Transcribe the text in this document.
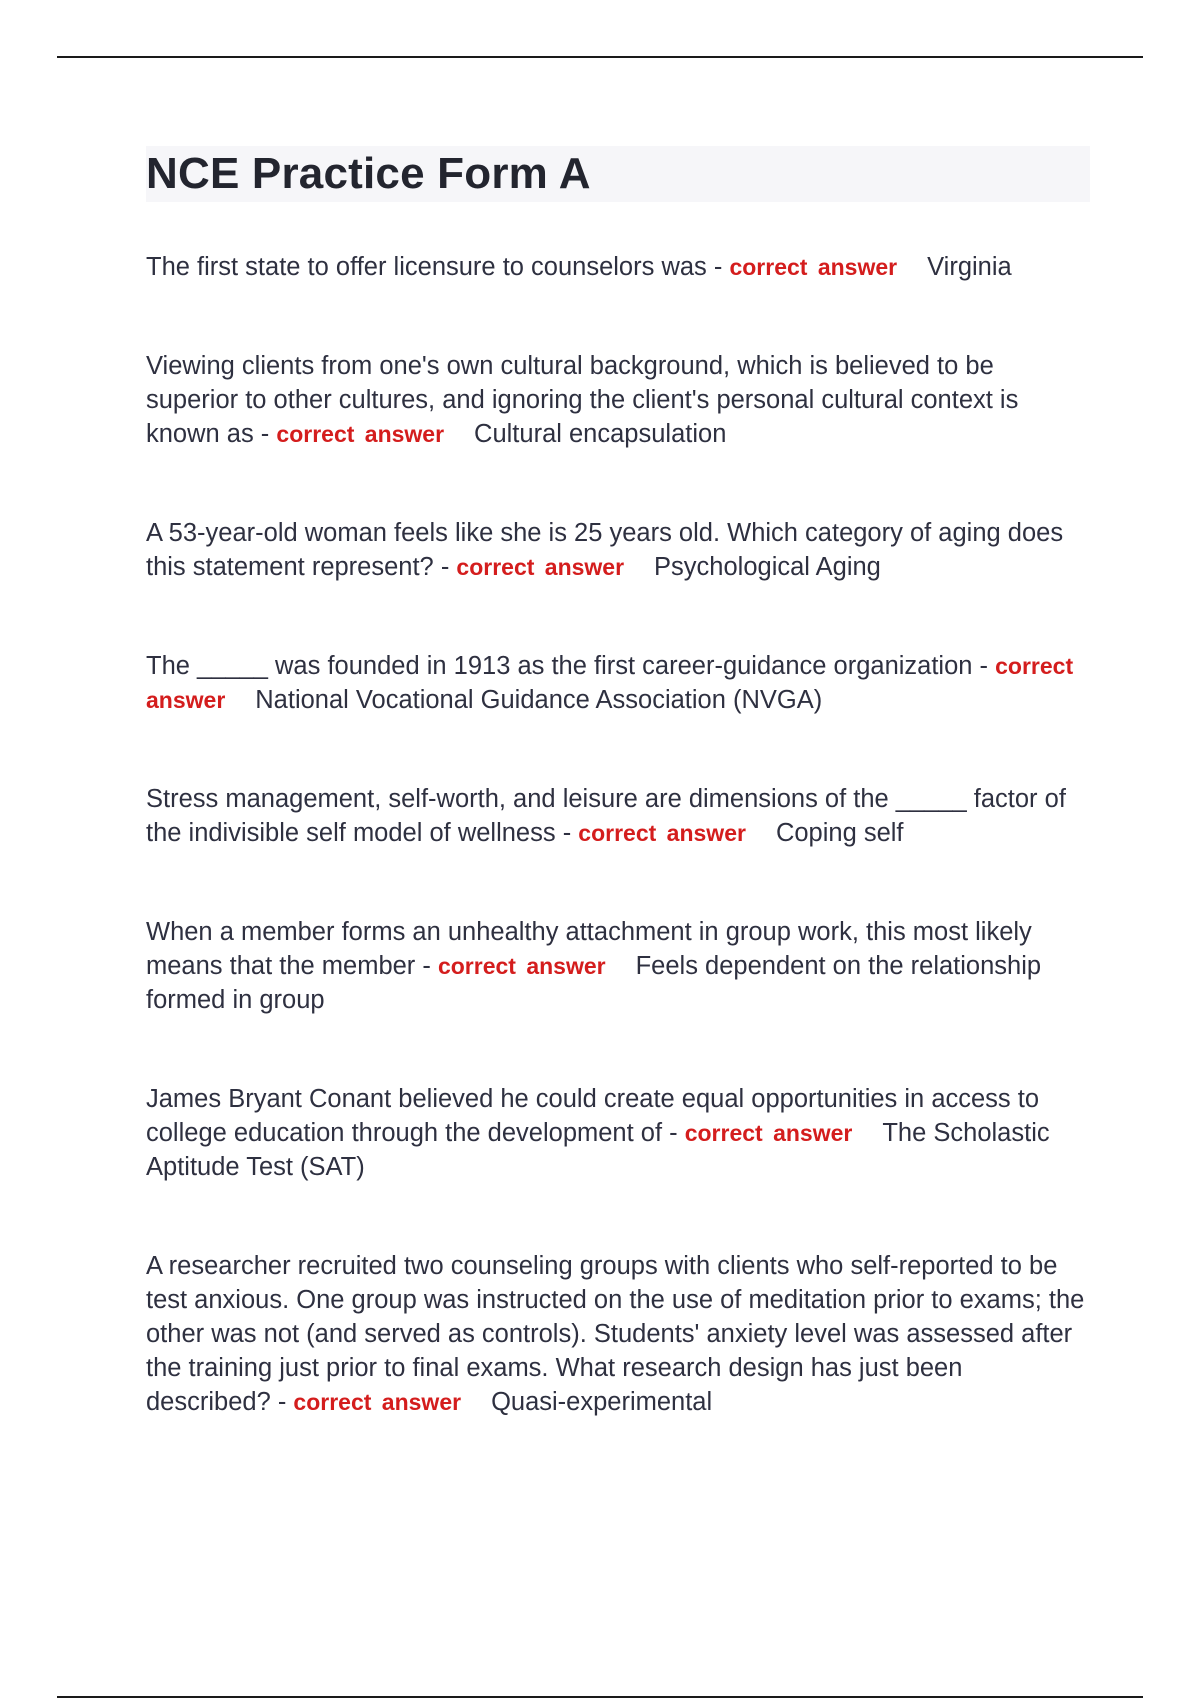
NCE Practice Form A

The first state to offer licensure to counselors was - correct answer Virginia

Viewing clients from one's own cultural background, which is believed to be superior to other cultures, and ignoring the client's personal cultural context is known as - correct answer Cultural encapsulation

A 53-year-old woman feels like she is 25 years old. Which category of aging does this statement represent? - correct answer Psychological Aging

The _____ was founded in 1913 as the first career-guidance organization - correct answer National Vocational Guidance Association (NVGA)

Stress management, self-worth, and leisure are dimensions of the _____ factor of the indivisible self model of wellness - correct answer Coping self

When a member forms an unhealthy attachment in group work, this most likely means that the member - correct answer Feels dependent on the relationship formed in group

James Bryant Conant believed he could create equal opportunities in access to college education through the development of - correct answer The Scholastic Aptitude Test (SAT)

A researcher recruited two counseling groups with clients who self-reported to be test anxious. One group was instructed on the use of meditation prior to exams; the other was not (and served as controls). Students' anxiety level was assessed after the training just prior to final exams. What research design has just been described? - correct answer Quasi-experimental
